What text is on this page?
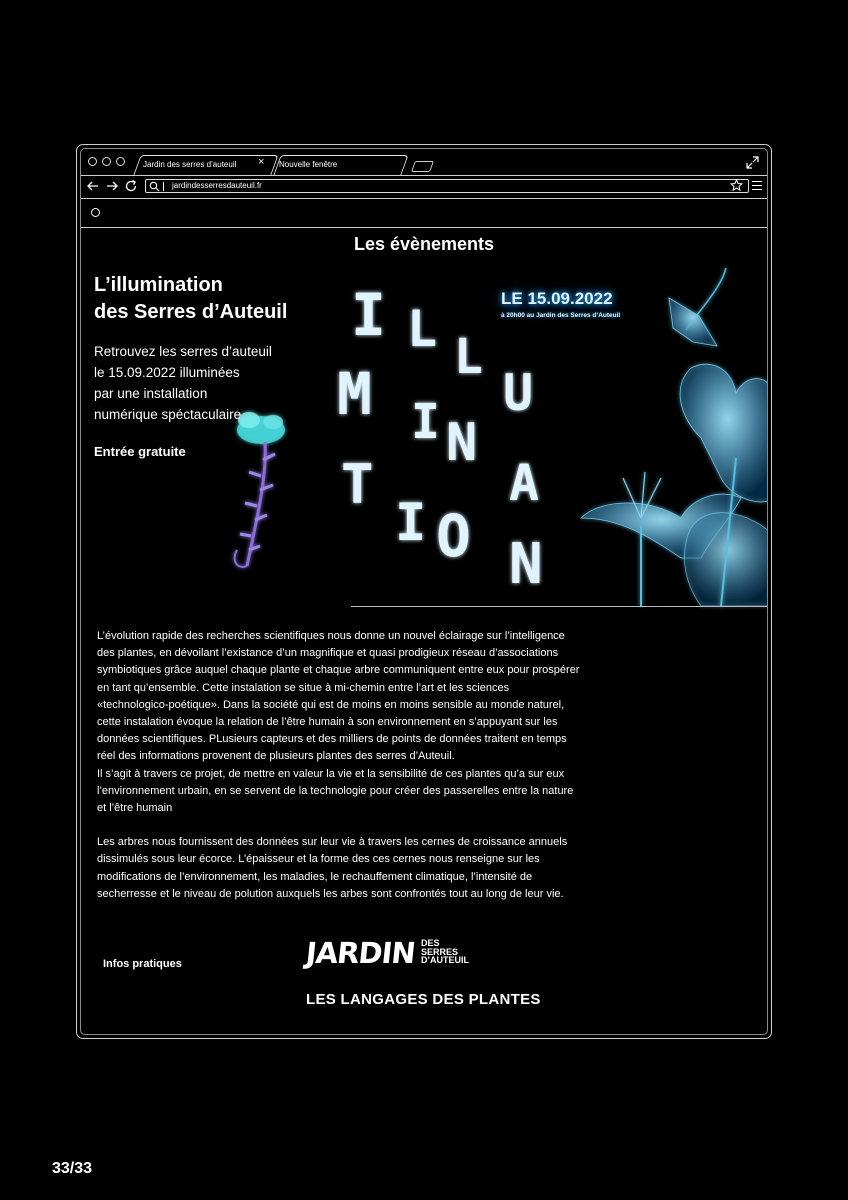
Jardin des serres d’auteuil × Nouvelle fenêtre
jardindesserresdauteuil.fr
I L L
U
M I N
A
T
I O N
Les évènements
L’illumination
des Serres d’Auteuil
Retrouvez les serres d’auteuil
le 15.09.2022 illuminées
par une installation
numérique spéctaculaire
Entrée gratuite
LE 15.09.2022
à 20h00 au Jardin des Serres d’Auteuil

L’évolution rapide des recherches scientifiques nous donne un nouvel éclairage sur l’intelligence

des plantes, en dévoilant l’existance d’un magnifique et quasi prodigieux réseau d’associations

symbiotiques grâce auquel chaque plante et chaque arbre communiquent entre eux pour prospérer

en tant qu’ensemble. Cette instalation se situe à mi-chemin entre l’art et les sciences

«technologico-poétique». Dans la société qui est de moins en moins sensible au monde naturel,

cette instalation évoque la relation de l’être humain à son environnement en s’appuyant sur les

données scientifiques. PLusieurs capteurs et des milliers de points de données traitent en temps

réel des informations provenent de plusieurs plantes des serres d’Auteuil.

Il s’agit à travers ce projet, de mettre en valeur la vie et la sensibilité de ces plantes qu’a sur eux

l’environnement urbain, en se servent de la technologie pour créer des passerelles entre la nature

et l’être humain

Les arbres nous fournissent des données sur leur vie à travers les cernes de croissance annuels

dissimulés sous leur écorce. L’épaisseur et la forme des ces cernes nous renseigne sur les

modifications de l’environnement, les maladies, le rechauffement climatique, l’intensité de

secherresse et le niveau de polution auxquels les arbes sont confrontés tout au long de leur vie.

Infos pratiques	JARDIN DES
SERRES
D’AUTEUIL
LES LANGAGES DES PLANTES
33/33
